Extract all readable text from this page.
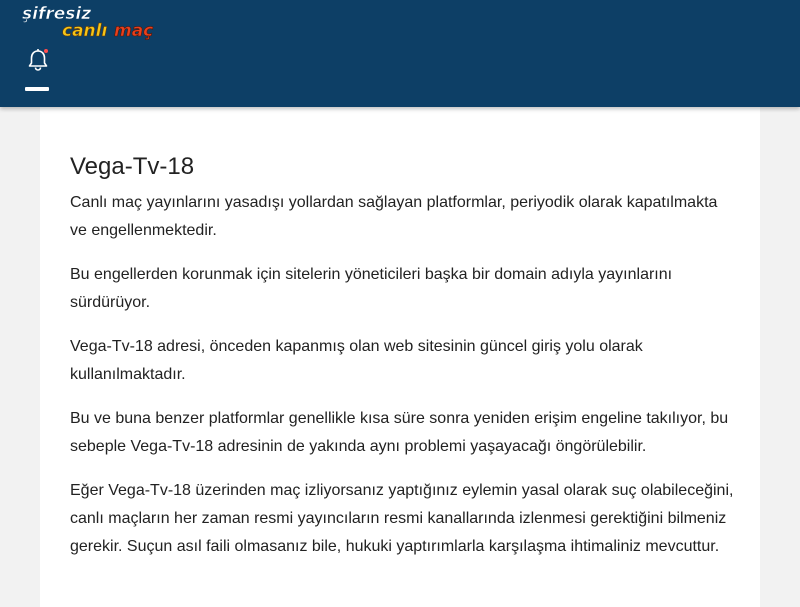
şifresiz
canlı maç
Vega-Tv-18

Canlı maç yayınlarını yasadışı yollardan sağlayan platformlar, periyodik olarak kapatılmakta ve engellenmektedir.

Bu engellerden korunmak için sitelerin yöneticileri başka bir domain adıyla yayınlarını sürdürüyor.

Vega-Tv-18 adresi, önceden kapanmış olan web sitesinin güncel giriş yolu olarak kullanılmaktadır.

Bu ve buna benzer platformlar genellikle kısa süre sonra yeniden erişim engeline takılıyor, bu sebeple Vega-Tv-18 adresinin de yakında aynı problemi yaşayacağı öngörülebilir.

Eğer Vega-Tv-18 üzerinden maç izliyorsanız yaptığınız eylemin yasal olarak suç olabileceğini, canlı maçların her zaman resmi yayıncıların resmi kanallarında izlenmesi gerektiğini bilmeniz gerekir. Suçun asıl faili olmasanız bile, hukuki yaptırımlarla karşılaşma ihtimaliniz mevcuttur.
